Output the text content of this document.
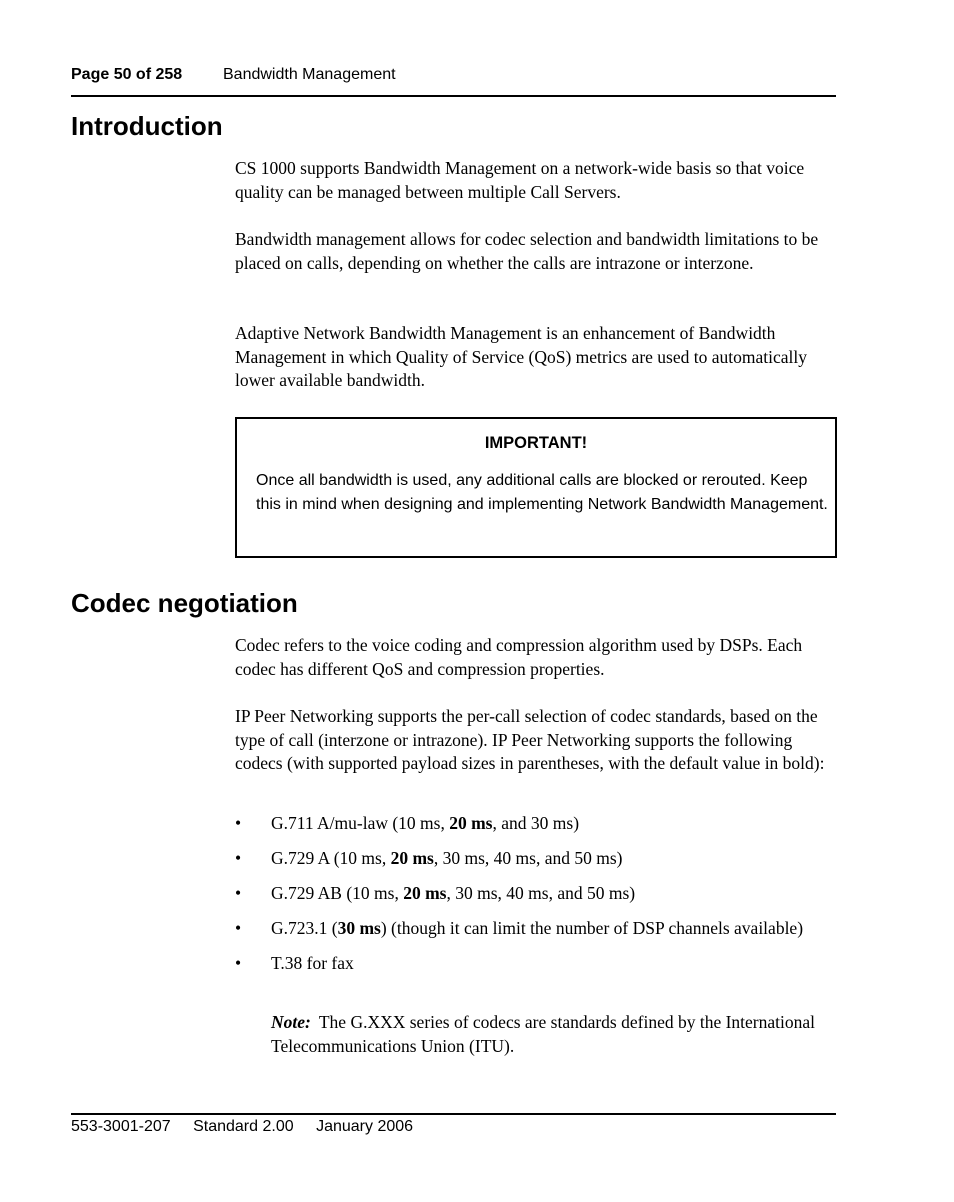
Page 50 of 258	Bandwidth Management
Introduction

CS 1000 supports Bandwidth Management on a network-wide basis so that voice quality can be managed between multiple Call Servers.

Bandwidth management allows for codec selection and bandwidth limitations to be placed on calls, depending on whether the calls are intrazone or interzone.

Adaptive Network Bandwidth Management is an enhancement of Bandwidth Management in which Quality of Service (QoS) metrics are used to automatically lower available bandwidth.

IMPORTANT!

Once all bandwidth is used, any additional calls are blocked or rerouted. Keep this in mind when designing and implementing Network Bandwidth Management.

Codec negotiation

Codec refers to the voice coding and compression algorithm used by DSPs. Each codec has different QoS and compression properties.

IP Peer Networking supports the per-call selection of codec standards, based on the type of call (interzone or intrazone). IP Peer Networking supports the following codecs (with supported payload sizes in parentheses, with the default value in bold):

• G.711 A/mu-law (10 ms, 20 ms, and 30 ms)
• G.729 A (10 ms, 20 ms, 30 ms, 40 ms, and 50 ms)
• G.729 AB (10 ms, 20 ms, 30 ms, 40 ms, and 50 ms)
• G.723.1 (30 ms) (though it can limit the number of DSP channels available)
• T.38 for fax

Note: The G.XXX series of codecs are standards defined by the International Telecommunications Union (ITU).

553-3001-207 Standard 2.00 January 2006
